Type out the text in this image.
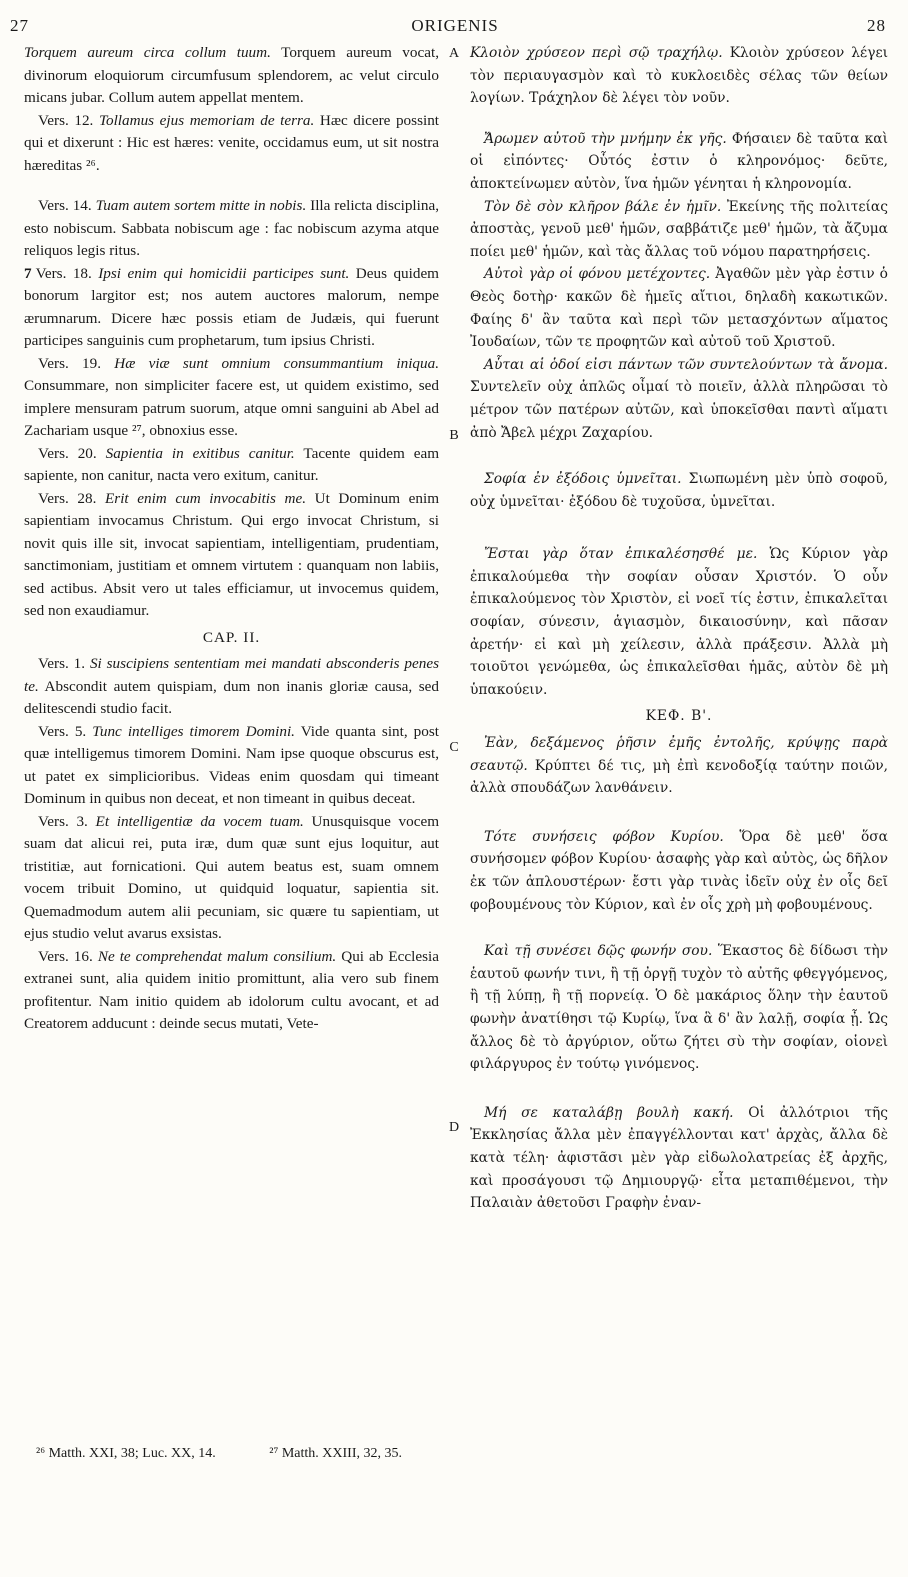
27	ORIGENIS	28
A
B
C
D
Torquem aureum circa collum tuum. Torquem aureum vocat, divinorum eloquiorum circumfusum splendorem, ac velut circulo micans jubar. Collum autem appellat mentem.
Vers. 12. Tollamus ejus memoriam de terra. Hæc dicere possint qui et dixerunt : Hic est hæres: venite, occidamus eum, ut sit nostra hæreditas ²⁶.
Vers. 14. Tuam autem sortem mitte in nobis. Illa relicta disciplina, esto nobiscum. Sabbata nobiscum age : fac nobiscum azyma atque reliquos legis ritus.
7 Vers. 18. Ipsi enim qui homicidii participes sunt. Deus quidem bonorum largitor est; nos autem auctores malorum, nempe ærumnarum. Dicere hæc possis etiam de Judæis, qui fuerunt participes sanguinis cum prophetarum, tum ipsius Christi.
Vers. 19. Hæ viæ sunt omnium consummantium iniqua. Consummare, non simpliciter facere est, ut quidem existimo, sed implere mensuram patrum suorum, atque omni sanguini ab Abel ad Zachariam usque ²⁷, obnoxius esse.
Vers. 20. Sapientia in exitibus canitur. Tacente quidem eam sapiente, non canitur, nacta vero exitum, canitur.
Vers. 28. Erit enim cum invocabitis me. Ut Dominum enim sapientiam invocamus Christum. Qui ergo invocat Christum, si novit quis ille sit, invocat sapientiam, intelligentiam, prudentiam, sanctimoniam, justitiam et omnem virtutem : quanquam non labiis, sed actibus. Absit vero ut tales efficiamur, ut invocemus quidem, sed non exaudiamur.
CAP. II.
Vers. 1. Si suscipiens sententiam mei mandati absconderis penes te. Abscondit autem quispiam, dum non inanis gloriæ causa, sed delitescendi studio facit.
Vers. 5. Tunc intelliges timorem Domini. Vide quanta sint, post quæ intelligemus timorem Domini. Nam ipse quoque obscurus est, ut patet ex simplicioribus. Videas enim quosdam qui timeant Dominum in quibus non deceat, et non timeant in quibus deceat.
Vers. 3. Et intelligentiæ da vocem tuam. Unusquisque vocem suam dat alicui rei, puta iræ, dum quæ sunt ejus loquitur, aut tristitiæ, aut fornicationi. Qui autem beatus est, suam omnem vocem tribuit Domino, ut quidquid loquatur, sapientia sit. Quemadmodum autem alii pecuniam, sic quære tu sapientiam, ut ejus studio velut avarus exsistas.
Vers. 16. Ne te comprehendat malum consilium. Qui ab Ecclesia extranei sunt, alia quidem initio promittunt, alia vero sub finem profitentur. Nam initio quidem ab idolorum cultu avocant, et ad Creatorem adducunt : deinde secus mutati, Vete-
Κλοιὸν χρύσεον περὶ σῷ τραχήλῳ. Κλοιὸν χρύσεον λέγει τὸν περιαυγασμὸν καὶ τὸ κυκλοειδὲς σέλας τῶν θείων λογίων. Τράχηλον δὲ λέγει τὸν νοῦν.
Ἄρωμεν αὐτοῦ τὴν μνήμην ἐκ γῆς. Φήσαιεν δὲ ταῦτα καὶ οἱ εἰπόντες· Οὗτός ἐστιν ὁ κληρονόμος· δεῦτε, ἀποκτείνωμεν αὐτὸν, ἵνα ἡμῶν γένηται ἡ κληρονομία.
Τὸν δὲ σὸν κλῆρον βάλε ἐν ἡμῖν. Ἐκείνης τῆς πολιτείας ἀποστὰς, γενοῦ μεθ' ἡμῶν, σαββάτιζε μεθ' ἡμῶν, τὰ ἄζυμα ποίει μεθ' ἡμῶν, καὶ τὰς ἄλλας τοῦ νόμου παρατηρήσεις.
Αὐτοὶ γὰρ οἱ φόνου μετέχοντες. Ἀγαθῶν μὲν γὰρ ἐστιν ὁ Θεὸς δοτὴρ· κακῶν δὲ ἡμεῖς αἴτιοι, δηλαδὴ κακωτικῶν. Φαίης δ' ἂν ταῦτα καὶ περὶ τῶν μετασχόντων αἵματος Ἰουδαίων, τῶν τε προφητῶν καὶ αὐτοῦ τοῦ Χριστοῦ.
Αὗται αἱ ὁδοί εἰσι πάντων τῶν συντελούντων τὰ ἄνομα. Συντελεῖν οὐχ ἁπλῶς οἶμαί τὸ ποιεῖν, ἀλλὰ πληρῶσαι τὸ μέτρον τῶν πατέρων αὐτῶν, καὶ ὑποκεῖσθαι παντὶ αἵματι ἀπὸ Ἄβελ μέχρι Ζαχαρίου.
Σοφία ἐν ἐξόδοις ὑμνεῖται. Σιωπωμένη μὲν ὑπὸ σοφοῦ, οὐχ ὑμνεῖται· ἐξόδου δὲ τυχοῦσα, ὑμνεῖται.
Ἔσται γὰρ ὅταν ἐπικαλέσησθέ με. Ὡς Κύριον γὰρ ἐπικαλούμεθα τὴν σοφίαν οὖσαν Χριστόν. Ὁ οὖν ἐπικαλούμενος τὸν Χριστὸν, εἰ νοεῖ τίς ἐστιν, ἐπικαλεῖται σοφίαν, σύνεσιν, ἁγιασμὸν, δικαιοσύνην, καὶ πᾶσαν ἀρετήν· εἰ καὶ μὴ χείλεσιν, ἀλλὰ πράξεσιν. Ἀλλὰ μὴ τοιοῦτοι γενώμεθα, ὡς ἐπικαλεῖσθαι ἡμᾶς, αὐτὸν δὲ μὴ ὑπακούειν.
ΚΕΦ. Β'.
Ἐὰν, δεξάμενος ῥῆσιν ἐμῆς ἐντολῆς, κρύψῃς παρὰ σεαυτῷ. Κρύπτει δέ τις, μὴ ἐπὶ κενοδοξίᾳ ταύτην ποιῶν, ἀλλὰ σπουδάζων λανθάνειν.
Τότε συνήσεις φόβον Κυρίου. Ὅρα δὲ μεθ' ὅσα συνήσομεν φόβον Κυρίου· ἀσαφὴς γὰρ καὶ αὐτὸς, ὡς δῆλον ἐκ τῶν ἁπλουστέρων· ἔστι γὰρ τινὰς ἰδεῖν οὐχ ἐν οἷς δεῖ φοβουμένους τὸν Κύριον, καὶ ἐν οἷς χρὴ μὴ φοβουμένους.
Καὶ τῇ συνέσει δῷς φωνήν σου. Ἕκαστος δὲ δίδωσι τὴν ἑαυτοῦ φωνήν τινι, ἢ τῇ ὀργῇ τυχὸν τὸ αὐτῆς φθεγγόμενος, ἢ τῇ λύπῃ, ἢ τῇ πορνείᾳ. Ὁ δὲ μακάριος ὅλην τὴν ἑαυτοῦ φωνὴν ἀνατίθησι τῷ Κυρίῳ, ἵνα ἃ δ' ἂν λαλῇ, σοφία ᾖ. Ὡς ἄλλος δὲ τὸ ἀργύριον, οὕτω ζήτει σὺ τὴν σοφίαν, οἱονεὶ φιλάργυρος ἐν τούτῳ γινόμενος.
Μή σε καταλάβῃ βουλὴ κακή. Οἱ ἀλλότριοι τῆς Ἐκκλησίας ἄλλα μὲν ἐπαγγέλλονται κατ' ἀρχὰς, ἄλλα δὲ κατὰ τέλη· ἀφιστᾶσι μὲν γὰρ εἰδωλολατρείας ἐξ ἀρχῆς, καὶ προσάγουσι τῷ Δημιουργῷ· εἶτα μεταπιθέμενοι, τὴν Παλαιὰν ἀθετοῦσι Γραφὴν ἐναν-
²⁶ Matth. XXI, 38; Luc. XX, 14.	²⁷ Matth. XXIII, 32, 35.
